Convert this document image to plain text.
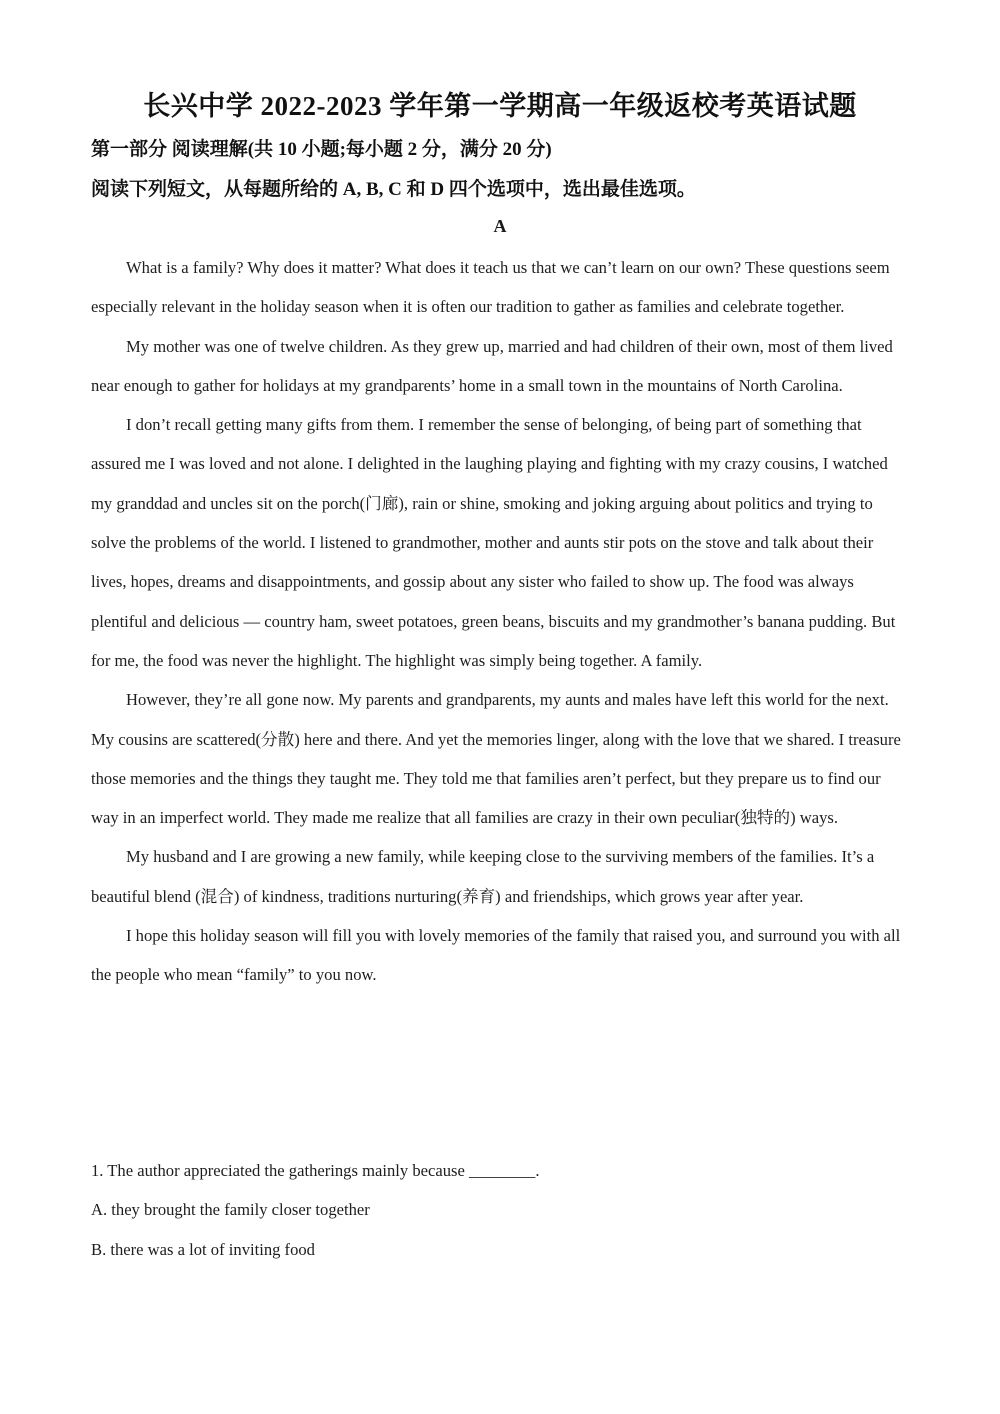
长兴中学 2022-2023 学年第一学期高一年级返校考英语试题
第一部分 阅读理解(共 10 小题;每小题 2 分，满分 20 分)
阅读下列短文，从每题所给的 A, B, C 和 D 四个选项中，选出最佳选项。
A

What is a family? Why does it matter? What does it teach us that we can’t learn on our own? These questions seem especially relevant in the holiday season when it is often our tradition to gather as families and celebrate together.

My mother was one of twelve children. As they grew up, married and had children of their own, most of them lived near enough to gather for holidays at my grandparents’ home in a small town in the mountains of North Carolina.

I don’t recall getting many gifts from them. I remember the sense of belonging, of being part of something that assured me I was loved and not alone. I delighted in the laughing playing and fighting with my crazy cousins, I watched my granddad and uncles sit on the porch(门廊), rain or shine, smoking and joking arguing about politics and trying to solve the problems of the world. I listened to grandmother, mother and aunts stir pots on the stove and talk about their lives, hopes, dreams and disappointments, and gossip about any sister who failed to show up. The food was always plentiful and delicious — country ham, sweet potatoes, green beans, biscuits and my grandmother’s banana pudding. But for me, the food was never the highlight. The highlight was simply being together. A family.

However, they’re all gone now. My parents and grandparents, my aunts and males have left this world for the next. My cousins are scattered(分散) here and there. And yet the memories linger, along with the love that we shared. I treasure those memories and the things they taught me. They told me that families aren’t perfect, but they prepare us to find our way in an imperfect world. They made me realize that all families are crazy in their own peculiar(独特的) ways.

My husband and I are growing a new family, while keeping close to the surviving members of the families. It’s a beautiful blend (混合) of kindness, traditions nurturing(养育) and friendships, which grows year after year.

I hope this holiday season will fill you with lovely memories of the family that raised you, and surround you with all the people who mean “family” to you now.

1. The author appreciated the gatherings mainly because ________.

A. they brought the family closer together

B. there was a lot of inviting food
